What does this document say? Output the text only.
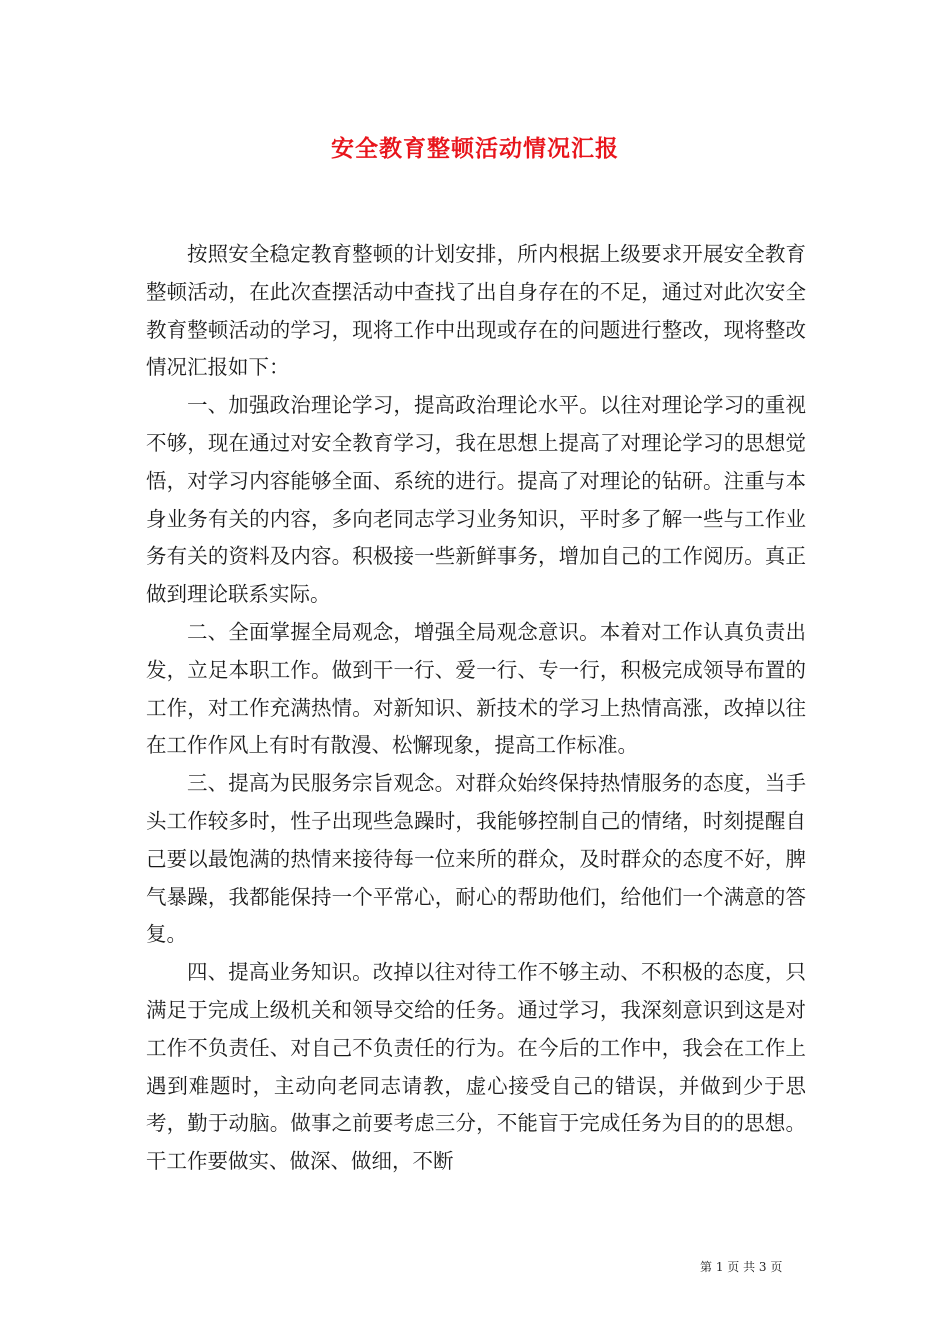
安全教育整顿活动情况汇报

按照安全稳定教育整顿的计划安排，所内根据上级要求开展安全教育整顿活动，在此次查摆活动中查找了出自身存在的不足，通过对此次安全教育整顿活动的学习，现将工作中出现或存在的问题进行整改，现将整改情况汇报如下：

一、加强政治理论学习，提高政治理论水平。以往对理论学习的重视不够，现在通过对安全教育学习，我在思想上提高了对理论学习的思想觉悟，对学习内容能够全面、系统的进行。提高了对理论的钻研。注重与本身业务有关的内容，多向老同志学习业务知识，平时多了解一些与工作业务有关的资料及内容。积极接一些新鲜事务，增加自己的工作阅历。真正做到理论联系实际。

二、全面掌握全局观念，增强全局观念意识。本着对工作认真负责出发，立足本职工作。做到干一行、爱一行、专一行，积极完成领导布置的工作，对工作充满热情。对新知识、新技术的学习上热情高涨，改掉以往在工作作风上有时有散漫、松懈现象，提高工作标准。

三、提高为民服务宗旨观念。对群众始终保持热情服务的态度，当手头工作较多时，性子出现些急躁时，我能够控制自己的情绪，时刻提醒自己要以最饱满的热情来接待每一位来所的群众，及时群众的态度不好，脾气暴躁，我都能保持一个平常心，耐心的帮助他们，给他们一个满意的答复。

四、提高业务知识。改掉以往对待工作不够主动、不积极的态度，只满足于完成上级机关和领导交给的任务。通过学习，我深刻意识到这是对工作不负责任、对自己不负责任的行为。在今后的工作中，我会在工作上遇到难题时，主动向老同志请教，虚心接受自己的错误，并做到少于思考，勤于动脑。做事之前要考虑三分，不能盲于完成任务为目的的思想。干工作要做实、做深、做细，不断

第 1 页 共 3 页
